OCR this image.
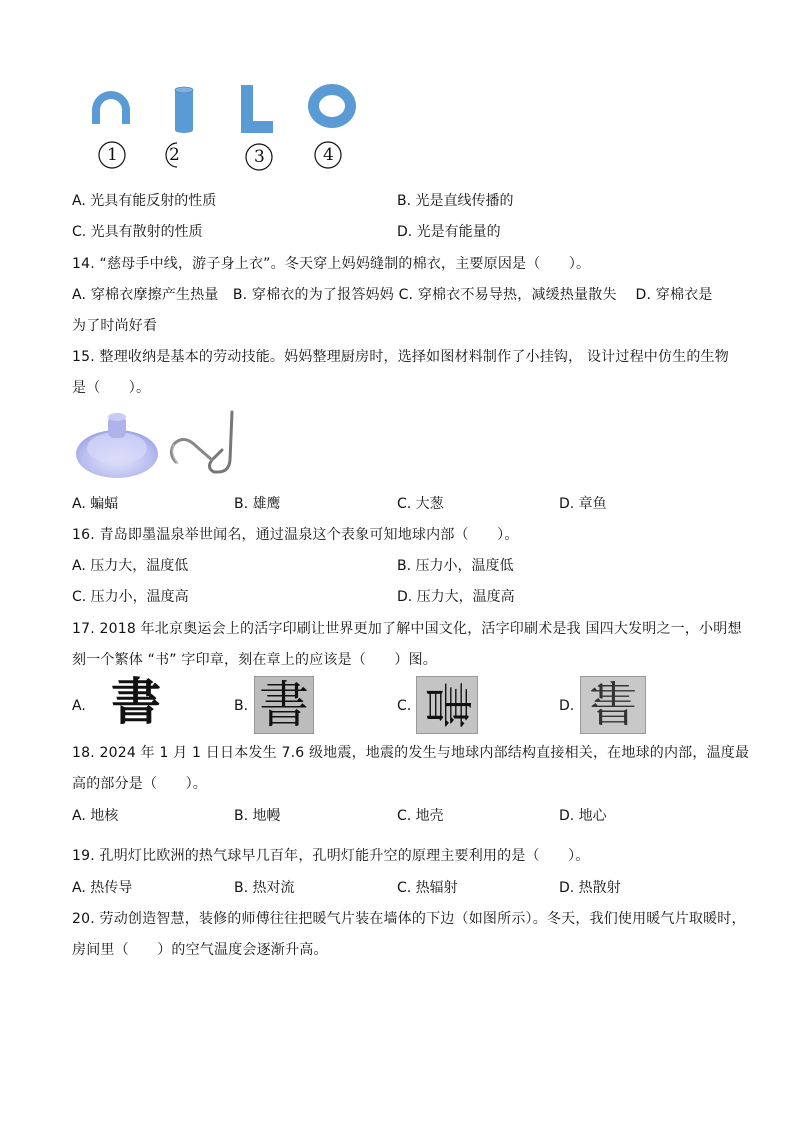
1	2	3	4
A. 光具有能反射的性质	B. 光是直线传播的
C. 光具有散射的性质	D. 光是有能量的
14. “慈母手中线，游子身上衣”。冬天穿上妈妈缝制的棉衣，主要原因是（　　）。
A. 穿棉衣摩擦产生热量　B. 穿棉衣的为了报答妈妈 C. 穿棉衣不易导热，减缓热量散失　 D. 穿棉衣是
为了时尚好看
15. 整理收纳是基本的劳动技能。妈妈整理厨房时，选择如图材料制作了小挂钩， 设计过程中仿生的生物
是（　　）。
A. 蝙蝠	B. 雄鹰	C. 大葱	D. 章鱼
16. 青岛即墨温泉举世闻名，通过温泉这个表象可知地球内部（　　）。
A. 压力大，温度低	B. 压力小，温度低
C. 压力小，温度高	D. 压力大，温度高
17. 2018 年北京奥运会上的活字印刷让世界更加了解中国文化，活字印刷术是我 国四大发明之一，小明想
刻一个繁体 “书” 字印章，刻在章上的应该是（　　）图。
A. 書	B. 書	C. 書	D. 書
18. 2024 年 1 月 1 日日本发生 7.6 级地震，地震的发生与地球内部结构直接相关，在地球的内部，温度最
高的部分是（　　）。
A. 地核	B. 地幔	C. 地壳	D. 地心
19. 孔明灯比欧洲的热气球早几百年，孔明灯能升空的原理主要利用的是（　　）。
A. 热传导	B. 热对流	C. 热辐射	D. 热散射
20. 劳动创造智慧，装修的师傅往往把暖气片装在墙体的下边（如图所示）。冬天，我们使用暖气片取暖时，
房间里（　　）的空气温度会逐渐升高。
